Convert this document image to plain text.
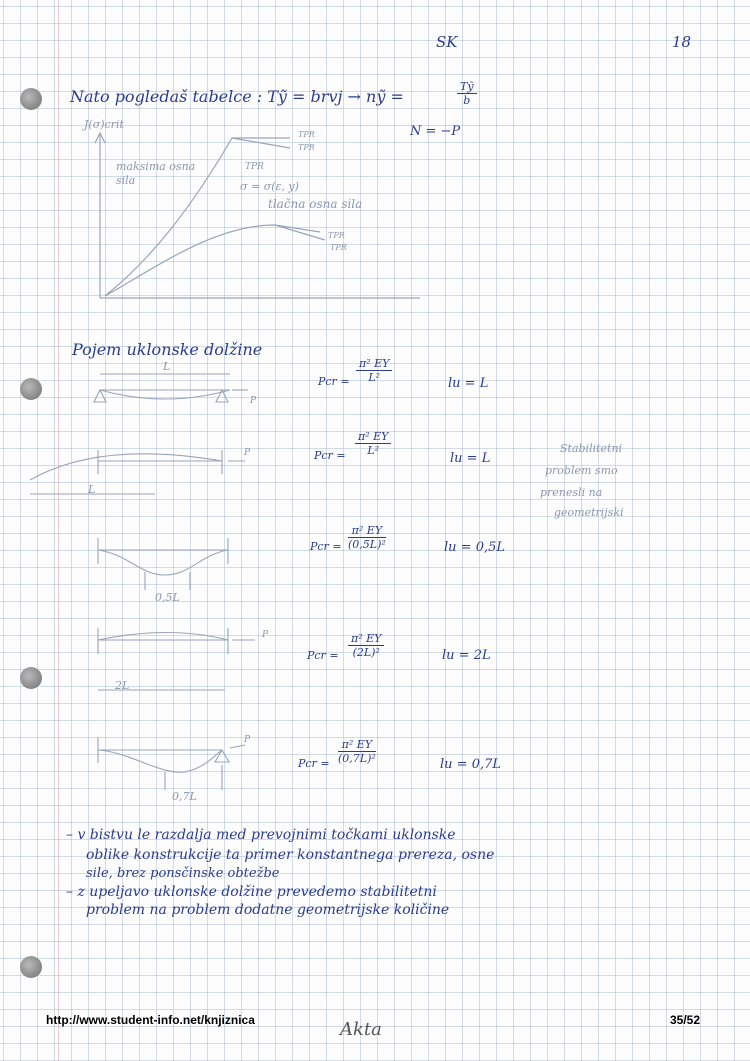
SK	18
Nato pogledaš tabelce : Tỹ = brvj → nỹ =	$\frac{\text{Tỹ}}{b}$
N = −P
J(σ)crit
maksima osna sila
TPR
σ = σ(ε, y)
tlačna osna sila
TPR
TPR
TPR
TPR
Pojem uklonske dolžine
L
P
Pcr = $\frac{\text{π² EY}}{\text{L²}}$	lu = L
L
P	Pcr = $\frac{\text{π² EY}}{\text{L²}}$
lu = L
Stabilitetni
problem smo
prenesli na
geometrijski
0,5L
Pcr = $\frac{\text{π² EY}}{\text{(0,5L)²}}$	lu = 0,5L
2L
P
Pcr = $\frac{\text{π² EY}}{\text{(2L)²}}$	lu = 2L
0,7L
P
Pcr = $\frac{\text{π² EY}}{\text{(0,7L)²}}$	lu = 0,7L
– v bistvu le razdalja med prevojnimi točkami uklonske
oblike konstrukcije ta primer konstantnega prereza, osne
sile, brez ponsčinske obtežbe
– z upeljavo uklonske dolžine prevedemo stabilitetni
problem na problem dodatne geometrijske količine
http://www.student-info.net/knjiznica	Akta	35/52
